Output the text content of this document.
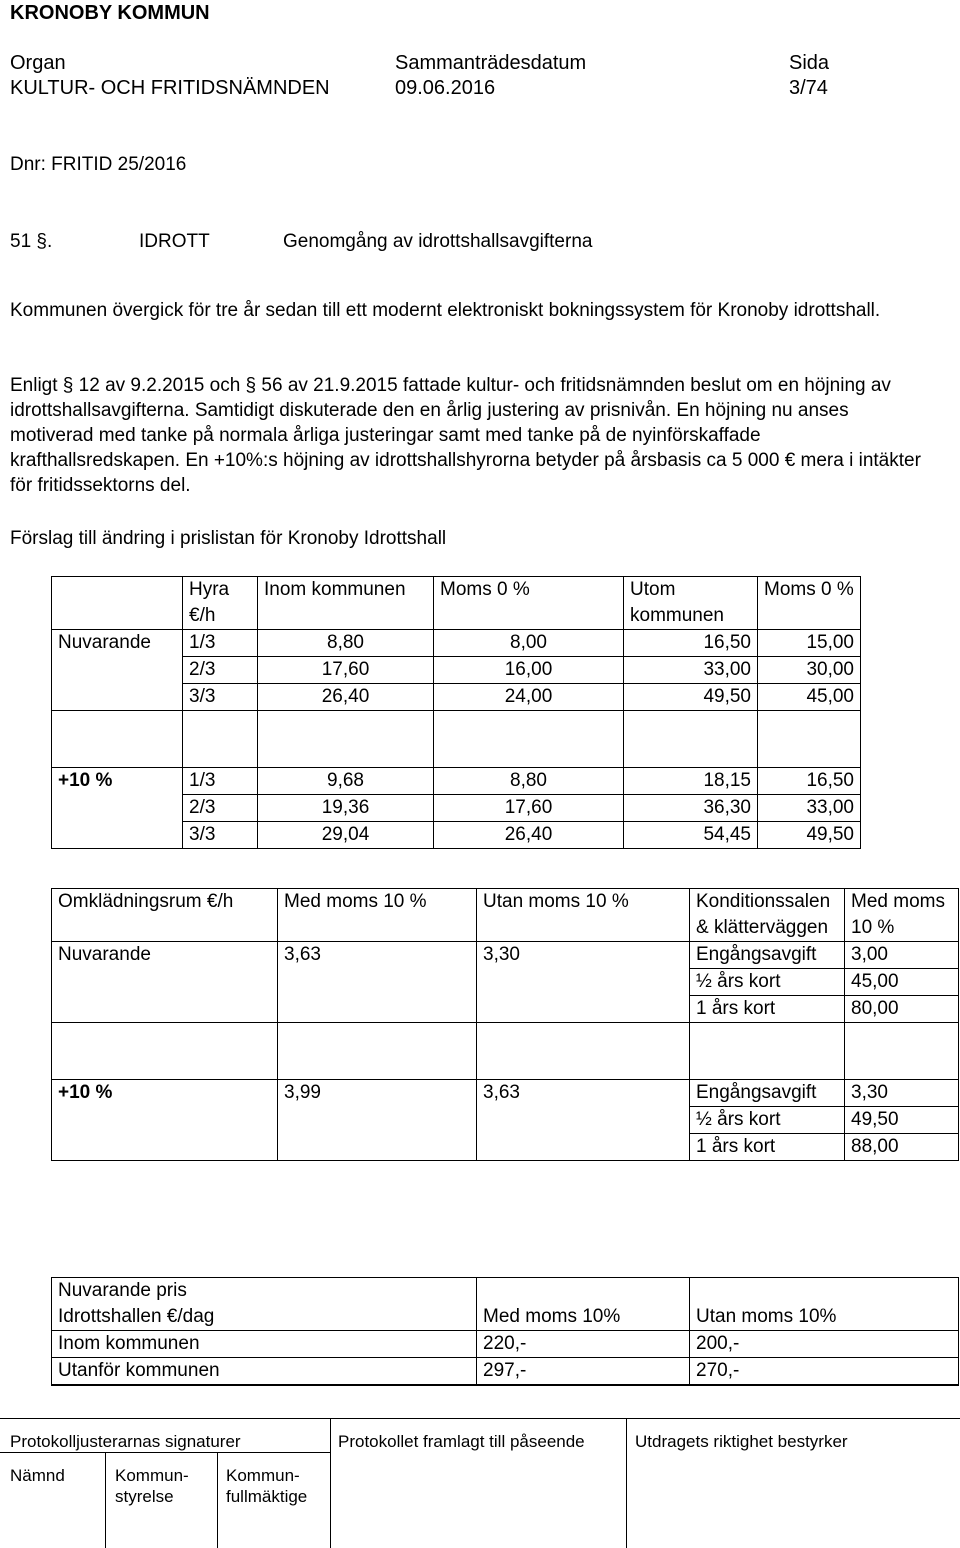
KRONOBY KOMMUN
Organ	Sammanträdesdatum	Sida
KULTUR- OCH FRITIDSNÄMNDEN	09.06.2016	3/74
Dnr: FRITID 25/2016
51 §.	IDROTT	Genomgång av idrottshallsavgifterna

Kommunen övergick för tre år sedan till ett modernt elektroniskt bokningssystem för Kronoby idrottshall.

Enligt § 12 av 9.2.2015 och § 56 av 21.9.2015 fattade kultur- och fritidsnämnden beslut om en höjning av idrottshallsavgifterna. Samtidigt diskuterade den en årlig justering av prisnivån. En höjning nu anses motiverad med tanke på normala årliga justeringar samt med tanke på de nyinförskaffade krafthallsredskapen. En +10%:s höjning av idrottshallshyrorna betyder på årsbasis ca 5 000 € mera i intäkter för fritidssektorns del.

Förslag till ändring i prislistan för Kronoby Idrottshall

	Hyra €/h	Inom kommunen	Moms 0 %	Utom kommunen	Moms 0 %
Nuvarande	1/3	8,80	8,00	16,50	15,00
	2/3	17,60	16,00	33,00	30,00
	3/3	26,40	24,00	49,50	45,00

+10 %	1/3	9,68	8,80	18,15	16,50
	2/3	19,36	17,60	36,30	33,00
	3/3	29,04	26,40	54,45	49,50
Omklädningsrum €/h	Med moms 10 %	Utan moms 10 %	Konditionssalen & klätterväggen	Med moms 10 %
Nuvarande	3,63	3,30	Engångsavgift	3,00
			½ års kort	45,00
			1 års kort	80,00

+10 %	3,99	3,63	Engångsavgift	3,30
			½ års kort	49,50
			1 års kort	88,00
Nuvarande pris		
Idrottshallen €/dag	Med moms 10%	Utan moms 10%
Inom kommunen	220,-	200,-
Utanför kommunen	297,-	270,-

Protokolljusterarnas signaturer	Protokollet framlagt till påseende	Utdragets riktighet bestyrker
Nämnd	Kommun-styrelse
Kommun-fullmäktige
